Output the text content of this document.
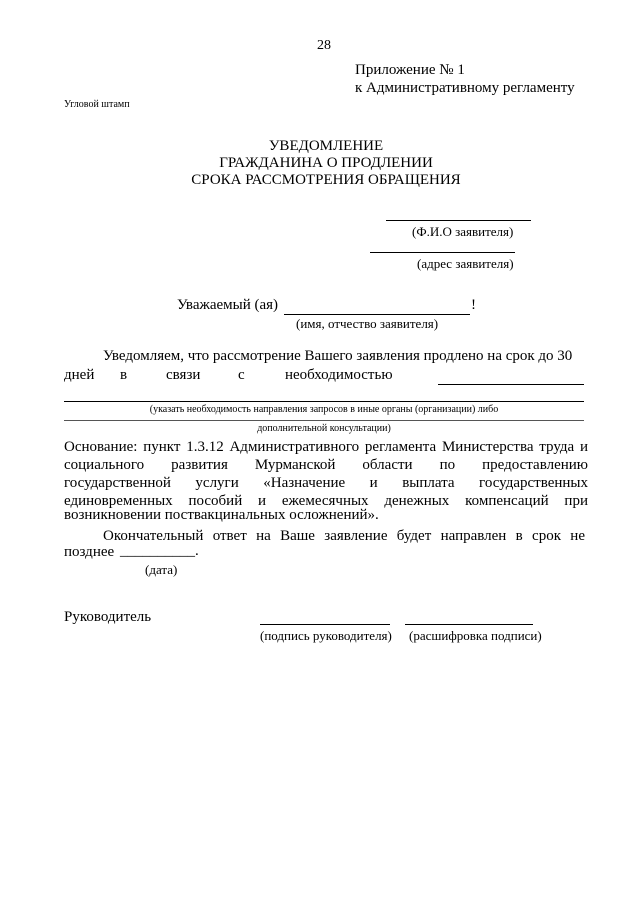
28
Приложение № 1
к Административному регламенту
Угловой штамп
УВЕДОМЛЕНИЕ
ГРАЖДАНИНА О ПРОДЛЕНИИ
СРОКА РАССМОТРЕНИЯ ОБРАЩЕНИЯ
(Ф.И.О заявителя)
(адрес заявителя)
Уважаемый (ая)	!
(имя, отчество заявителя)
Уведомляем, что рассмотрение Вашего заявления продлено на срок до 30
дней в	связи	с	необходимостью
(указать необходимость направления запросов в иные органы (организации) либо
дополнительной консультации)
Основание: пункт 1.3.12 Административного регламента Министерства труда и
социального развития Мурманской области по предоставлению
государственной услуги «Назначение и выплата государственных
единовременных пособий и ежемесячных денежных компенсаций при
возникновении поствакцинальных осложнений».
Окончательный ответ на Ваше заявление будет направлен в срок не
позднее __________.
(дата)
Руководитель
(подпись руководителя) (расшифровка подписи)
